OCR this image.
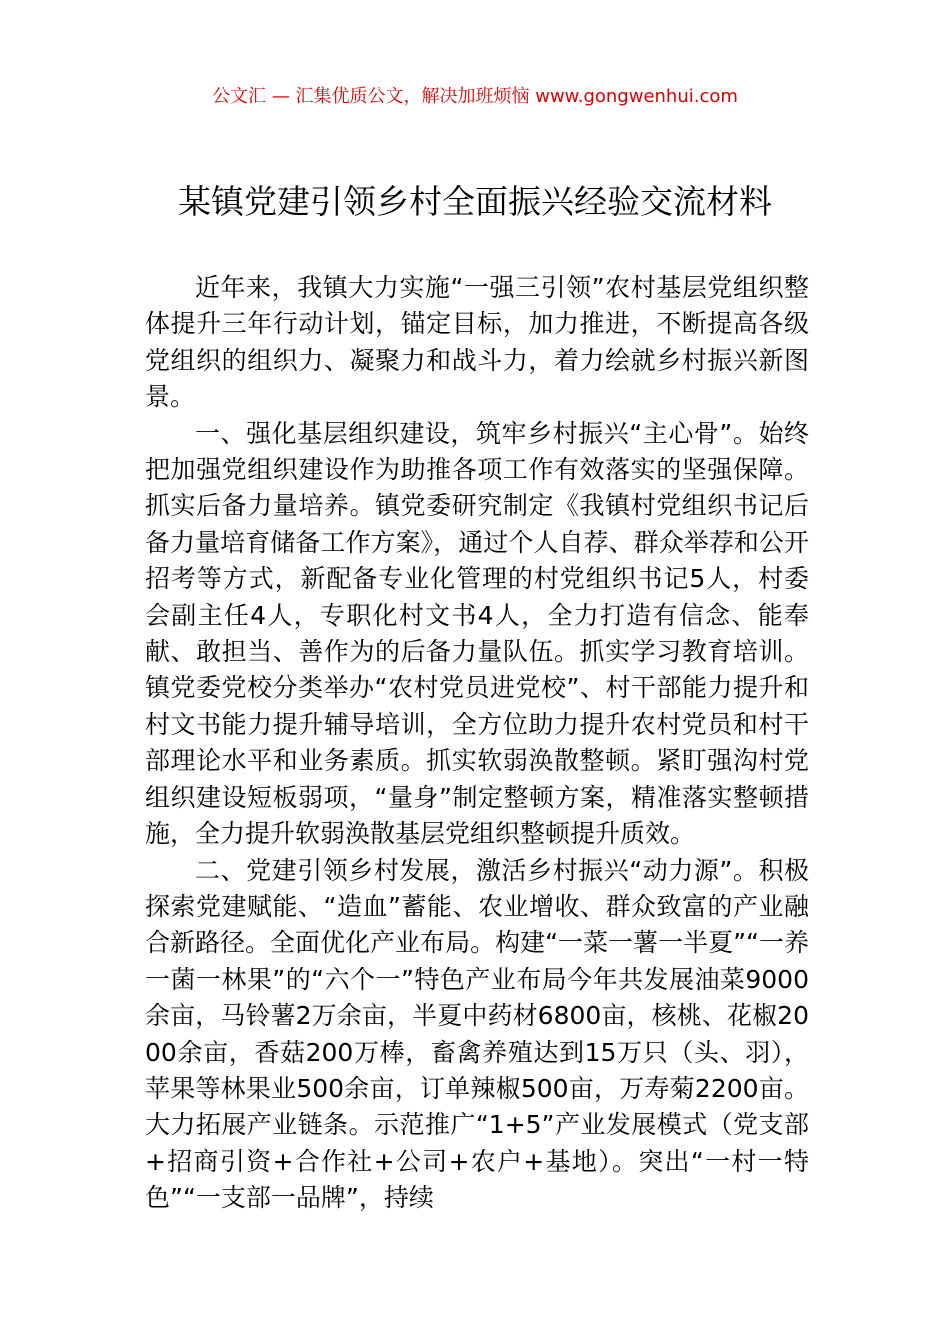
公文汇 — 汇集优质公文，解决加班烦恼 www.gongwenhui.com
某镇党建引领乡村全面振兴经验交流材料

近年来，我镇大力实施“一强三引领”农村基层党组织整体提升三年行动计划，锚定目标，加力推进，不断提高各级党组织的组织力、凝聚力和战斗力，着力绘就乡村振兴新图景。

一、强化基层组织建设，筑牢乡村振兴“主心骨”。始终把加强党组织建设作为助推各项工作有效落实的坚强保障。抓实后备力量培养。镇党委研究制定《我镇村党组织书记后备力量培育储备工作方案》，通过个人自荐、群众举荐和公开招考等方式，新配备专业化管理的村党组织书记5人，村委会副主任4人，专职化村文书4人，全力打造有信念、能奉献、敢担当、善作为的后备力量队伍。抓实学习教育培训。镇党委党校分类举办“农村党员进党校”、村干部能力提升和村文书能力提升辅导培训，全方位助力提升农村党员和村干部理论水平和业务素质。抓实软弱涣散整顿。紧盯强沟村党组织建设短板弱项，“量身”制定整顿方案，精准落实整顿措施，全力提升软弱涣散基层党组织整顿提升质效。

二、党建引领乡村发展，激活乡村振兴“动力源”。积极探索党建赋能、“造血”蓄能、农业增收、群众致富的产业融合新路径。全面优化产业布局。构建“一菜一薯一半夏”“一养一菌一林果”的“六个一”特色产业布局今年共发展油菜9000余亩，马铃薯2万余亩，半夏中药材6800亩，核桃、花椒2000余亩，香菇200万棒，畜禽养殖达到15万只（头、羽），苹果等林果业500余亩，订单辣椒500亩，万寿菊2200亩。大力拓展产业链条。示范推广“1+5”产业发展模式（党支部+招商引资+合作社+公司+农户+基地）。突出“一村一特色”“一支部一品牌”，持续
